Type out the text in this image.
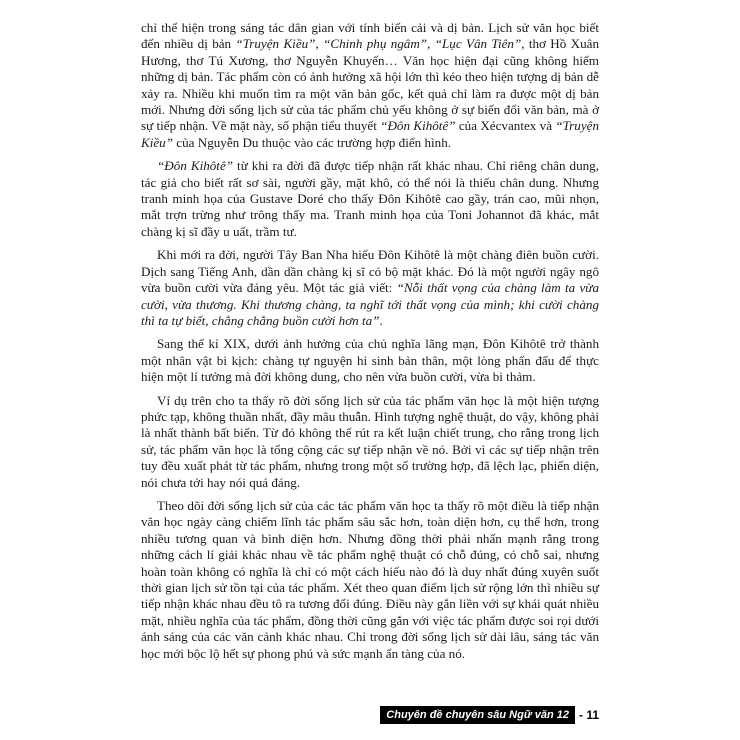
chỉ thể hiện trong sáng tác dân gian với tính biến cải và dị bản. Lịch sử văn học biết đến nhiều dị bản “Truyện Kiều”, “Chinh phụ ngâm”, “Lục Vân Tiên”, thơ Hồ Xuân Hương, thơ Tú Xương, thơ Nguyễn Khuyến… Văn học hiện đại cũng không hiếm những dị bản. Tác phẩm còn có ảnh hưởng xã hội lớn thì kéo theo hiện tượng dị bản dễ xảy ra. Nhiều khi muốn tìm ra một văn bản gốc, kết quả chỉ làm ra được một dị bản mới. Nhưng đời sống lịch sử của tác phẩm chủ yếu không ở sự biến đổi văn bản, mà ở sự tiếp nhận. Về mặt này, số phận tiểu thuyết “Đôn Kihôtê” của Xécvantex và “Truyện Kiều” của Nguyễn Du thuộc vào các trường hợp điển hình.

“Đôn Kihôtê” từ khi ra đời đã được tiếp nhận rất khác nhau. Chỉ riêng chân dung, tác giả cho biết rất sơ sài, người gầy, mặt khô, có thể nói là thiếu chân dung. Nhưng tranh minh họa của Gustave Doré cho thấy Đôn Kihôtê cao gầy, trán cao, mũi nhọn, mắt trợn trừng như trông thấy ma. Tranh minh họa của Toni Johannot đã khác, mắt chàng kị sĩ đầy u uất, trầm tư.

Khi mới ra đời, người Tây Ban Nha hiểu Đôn Kihôtê là một chàng điên buồn cười. Dịch sang Tiếng Anh, dần dần chàng kị sĩ có bộ mặt khác. Đó là một người ngây ngô vừa buồn cười vừa đáng yêu. Một tác giả viết: “Nỗi thất vọng của chàng làm ta vừa cười, vừa thương. Khi thương chàng, ta nghĩ tới thất vọng của mình; khi cười chàng thì ta tự biết, chẳng chẳng buồn cười hơn ta”.

Sang thế kỉ XIX, dưới ảnh hưởng của chủ nghĩa lãng mạn, Đôn Kihôtê trở thành một nhân vật bi kịch: chàng tự nguyện hi sinh bản thân, một lòng phấn đấu để thực hiện một lí tưởng mà đời không dung, cho nên vừa buồn cười, vừa bi thảm.

Ví dụ trên cho ta thấy rõ đời sống lịch sử của tác phẩm văn học là một hiện tượng phức tạp, không thuần nhất, đầy mâu thuẫn. Hình tượng nghệ thuật, do vậy, không phải là nhất thành bất biến. Từ đó không thể rút ra kết luận chiết trung, cho rằng trong lịch sử, tác phẩm văn học là tổng cộng các sự tiếp nhận về nó. Bởi vì các sự tiếp nhận trên tuy đều xuất phát từ tác phẩm, nhưng trong một số trường hợp, đã lệch lạc, phiến diện, nói chưa tới hay nói quá đáng.

Theo dõi đời sống lịch sử của các tác phẩm văn học ta thấy rõ một điều là tiếp nhận văn học ngày càng chiếm lĩnh tác phẩm sâu sắc hơn, toàn diện hơn, cụ thể hơn, trong nhiều tương quan và bình diện hơn. Nhưng đồng thời phải nhấn mạnh rằng trong những cách lí giải khác nhau về tác phẩm nghệ thuật có chỗ đúng, có chỗ sai, nhưng hoàn toàn không có nghĩa là chỉ có một cách hiểu nào đó là duy nhất đúng xuyên suốt thời gian lịch sử tồn tại của tác phẩm. Xét theo quan điểm lịch sử rộng lớn thì nhiều sự tiếp nhận khác nhau đều tô ra tương đối đúng. Điều này gắn liền với sự khái quát nhiều mặt, nhiều nghĩa của tác phẩm, đồng thời cũng gắn với việc tác phẩm được soi rọi dưới ánh sáng của các văn cảnh khác nhau. Chỉ trong đời sống lịch sử dài lâu, sáng tác văn học mới bộc lộ hết sự phong phú và sức mạnh ẩn tàng của nó.

Chuyên đề chuyên sâu Ngữ văn 12 - 11
